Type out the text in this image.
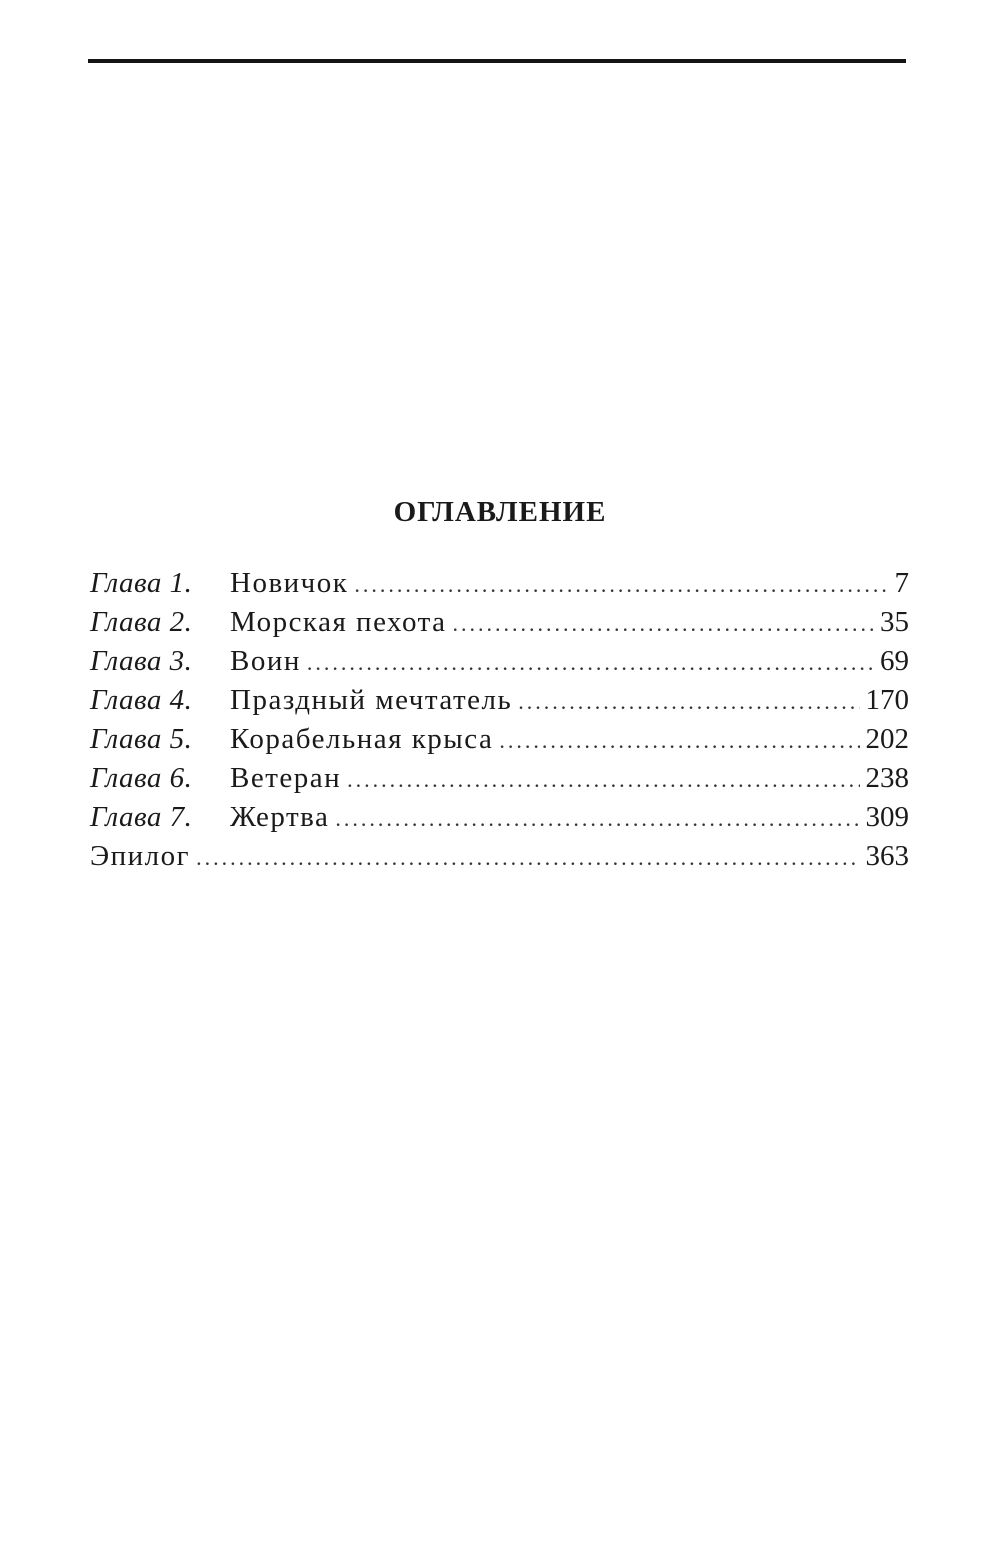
ОГЛАВЛЕНИЕ
Глава 1.	Новичок .....	7
Глава 2.	Морская пехота .....	35
Глава 3.	Воин .....	69
Глава 4.	Праздный мечтатель .....	170
Глава 5.	Корабельная крыса .....	202
Глава 6.	Ветеран .....	238
Глава 7.	Жертва .....	309
Эпилог .....	363
